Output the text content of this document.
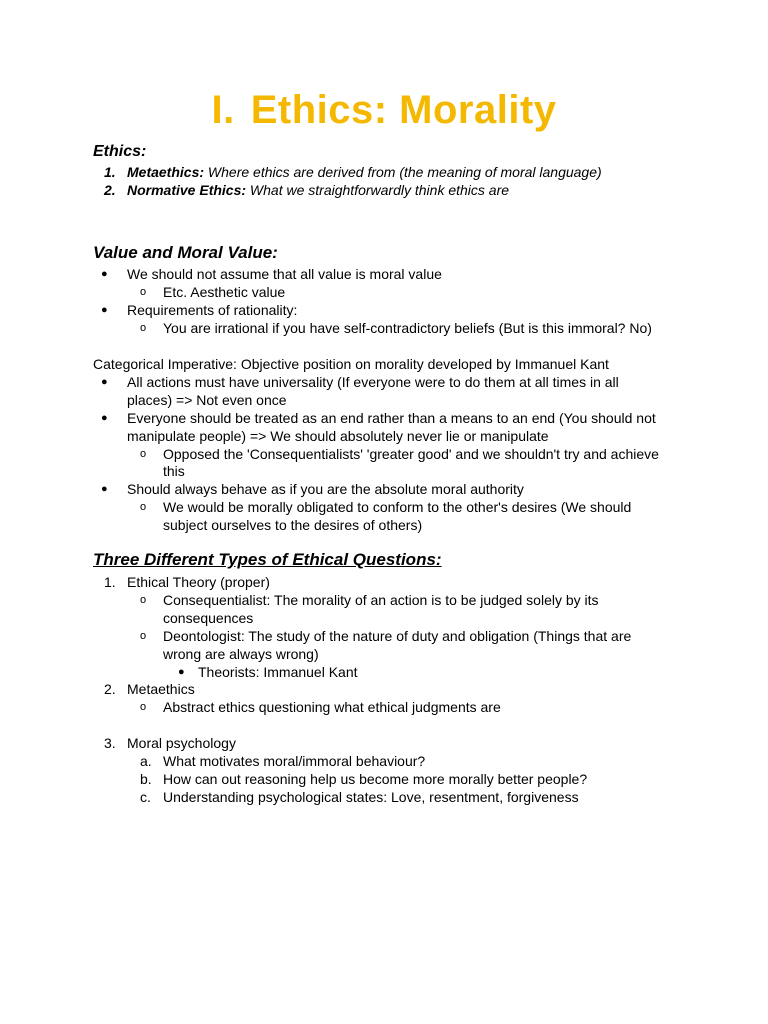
I. Ethics: Morality
Ethics:
1. Metaethics: Where ethics are derived from (the meaning of moral language)
2. Normative Ethics: What we straightforwardly think ethics are
Value and Moral Value:
● We should not assume that all value is moral value
o Etc. Aesthetic value
● Requirements of rationality:
o You are irrational if you have self-contradictory beliefs (But is this immoral? No)
Categorical Imperative: Objective position on morality developed by Immanuel Kant
● All actions must have universality (If everyone were to do them at all times in all
places) => Not even once
● Everyone should be treated as an end rather than a means to an end (You should not
manipulate people) => We should absolutely never lie or manipulate
o Opposed the 'Consequentialists' 'greater good' and we shouldn't try and achieve
this
● Should always behave as if you are the absolute moral authority
o We would be morally obligated to conform to the other's desires (We should
subject ourselves to the desires of others)
Three Different Types of Ethical Questions:
1. Ethical Theory (proper)
o Consequentialist: The morality of an action is to be judged solely by its
consequences
o Deontologist: The study of the nature of duty and obligation (Things that are
wrong are always wrong)
● Theorists: Immanuel Kant
2. Metaethics
o Abstract ethics questioning what ethical judgments are
3. Moral psychology
a. What motivates moral/immoral behaviour?
b. How can out reasoning help us become more morally better people?
c. Understanding psychological states: Love, resentment, forgiveness
